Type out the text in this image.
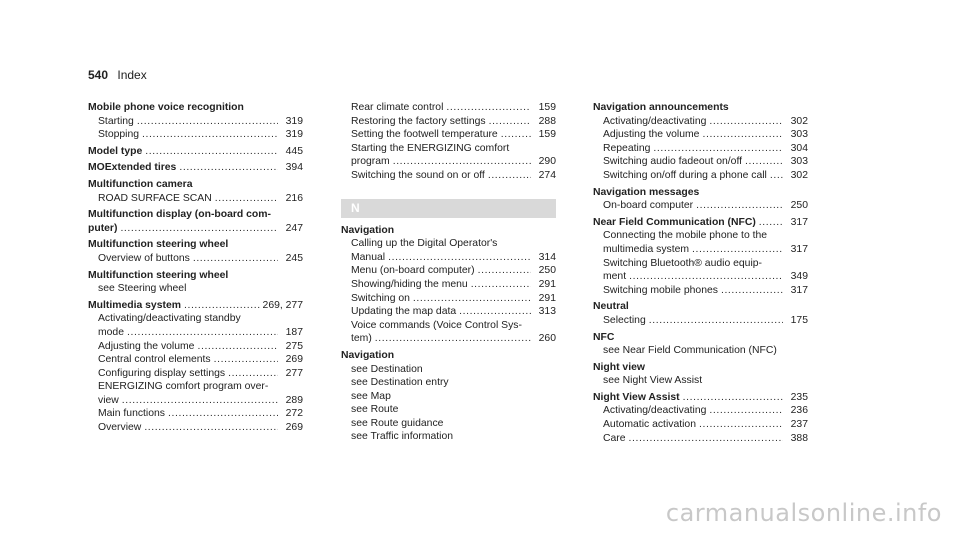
540 Index
Mobile phone voice recognition
Starting .....	319
Stopping .....	319
Model type .....	445
MOExtended tires .....	394
Multifunction camera
ROAD SURFACE SCAN .....	216
Multifunction display (on-board com-
puter) .....	247
Multifunction steering wheel
Overview of buttons .....	245
Multifunction steering wheel
see Steering wheel
Multimedia system .....	269, 277
Activating/deactivating standby
mode .....	187
Adjusting the volume .....	275
Central control elements .....	269
Configuring display settings .....	277
ENERGIZING comfort program over-
view .....	289
Main functions .....	272
Overview .....	269
Rear climate control .....	159
Restoring the factory settings .....	288
Setting the footwell temperature .....	159
Starting the ENERGIZING comfort
program .....	290
Switching the sound on or off .....	274
N
Navigation
Calling up the Digital Operator's
Manual .....	314
Menu (on-board computer) .....	250
Showing/hiding the menu .....	291
Switching on .....	291
Updating the map data .....	313
Voice commands (Voice Control Sys-
tem) .....	260
Navigation
see Destination
see Destination entry
see Map
see Route
see Route guidance
see Traffic information
Navigation announcements
Activating/deactivating .....	302
Adjusting the volume .....	303
Repeating .....	304
Switching audio fadeout on/off .....	303
Switching on/off during a phone call .....	302
Navigation messages
On-board computer .....	250
Near Field Communication (NFC) .....	317
Connecting the mobile phone to the
multimedia system .....	317
Switching Bluetooth® audio equip-
ment .....	349
Switching mobile phones .....	317
Neutral
Selecting .....	175
NFC
see Near Field Communication (NFC)
Night view
see Night View Assist
Night View Assist .....	235
Activating/deactivating .....	236
Automatic activation .....	237
Care .....	388
carmanualsonline.info
